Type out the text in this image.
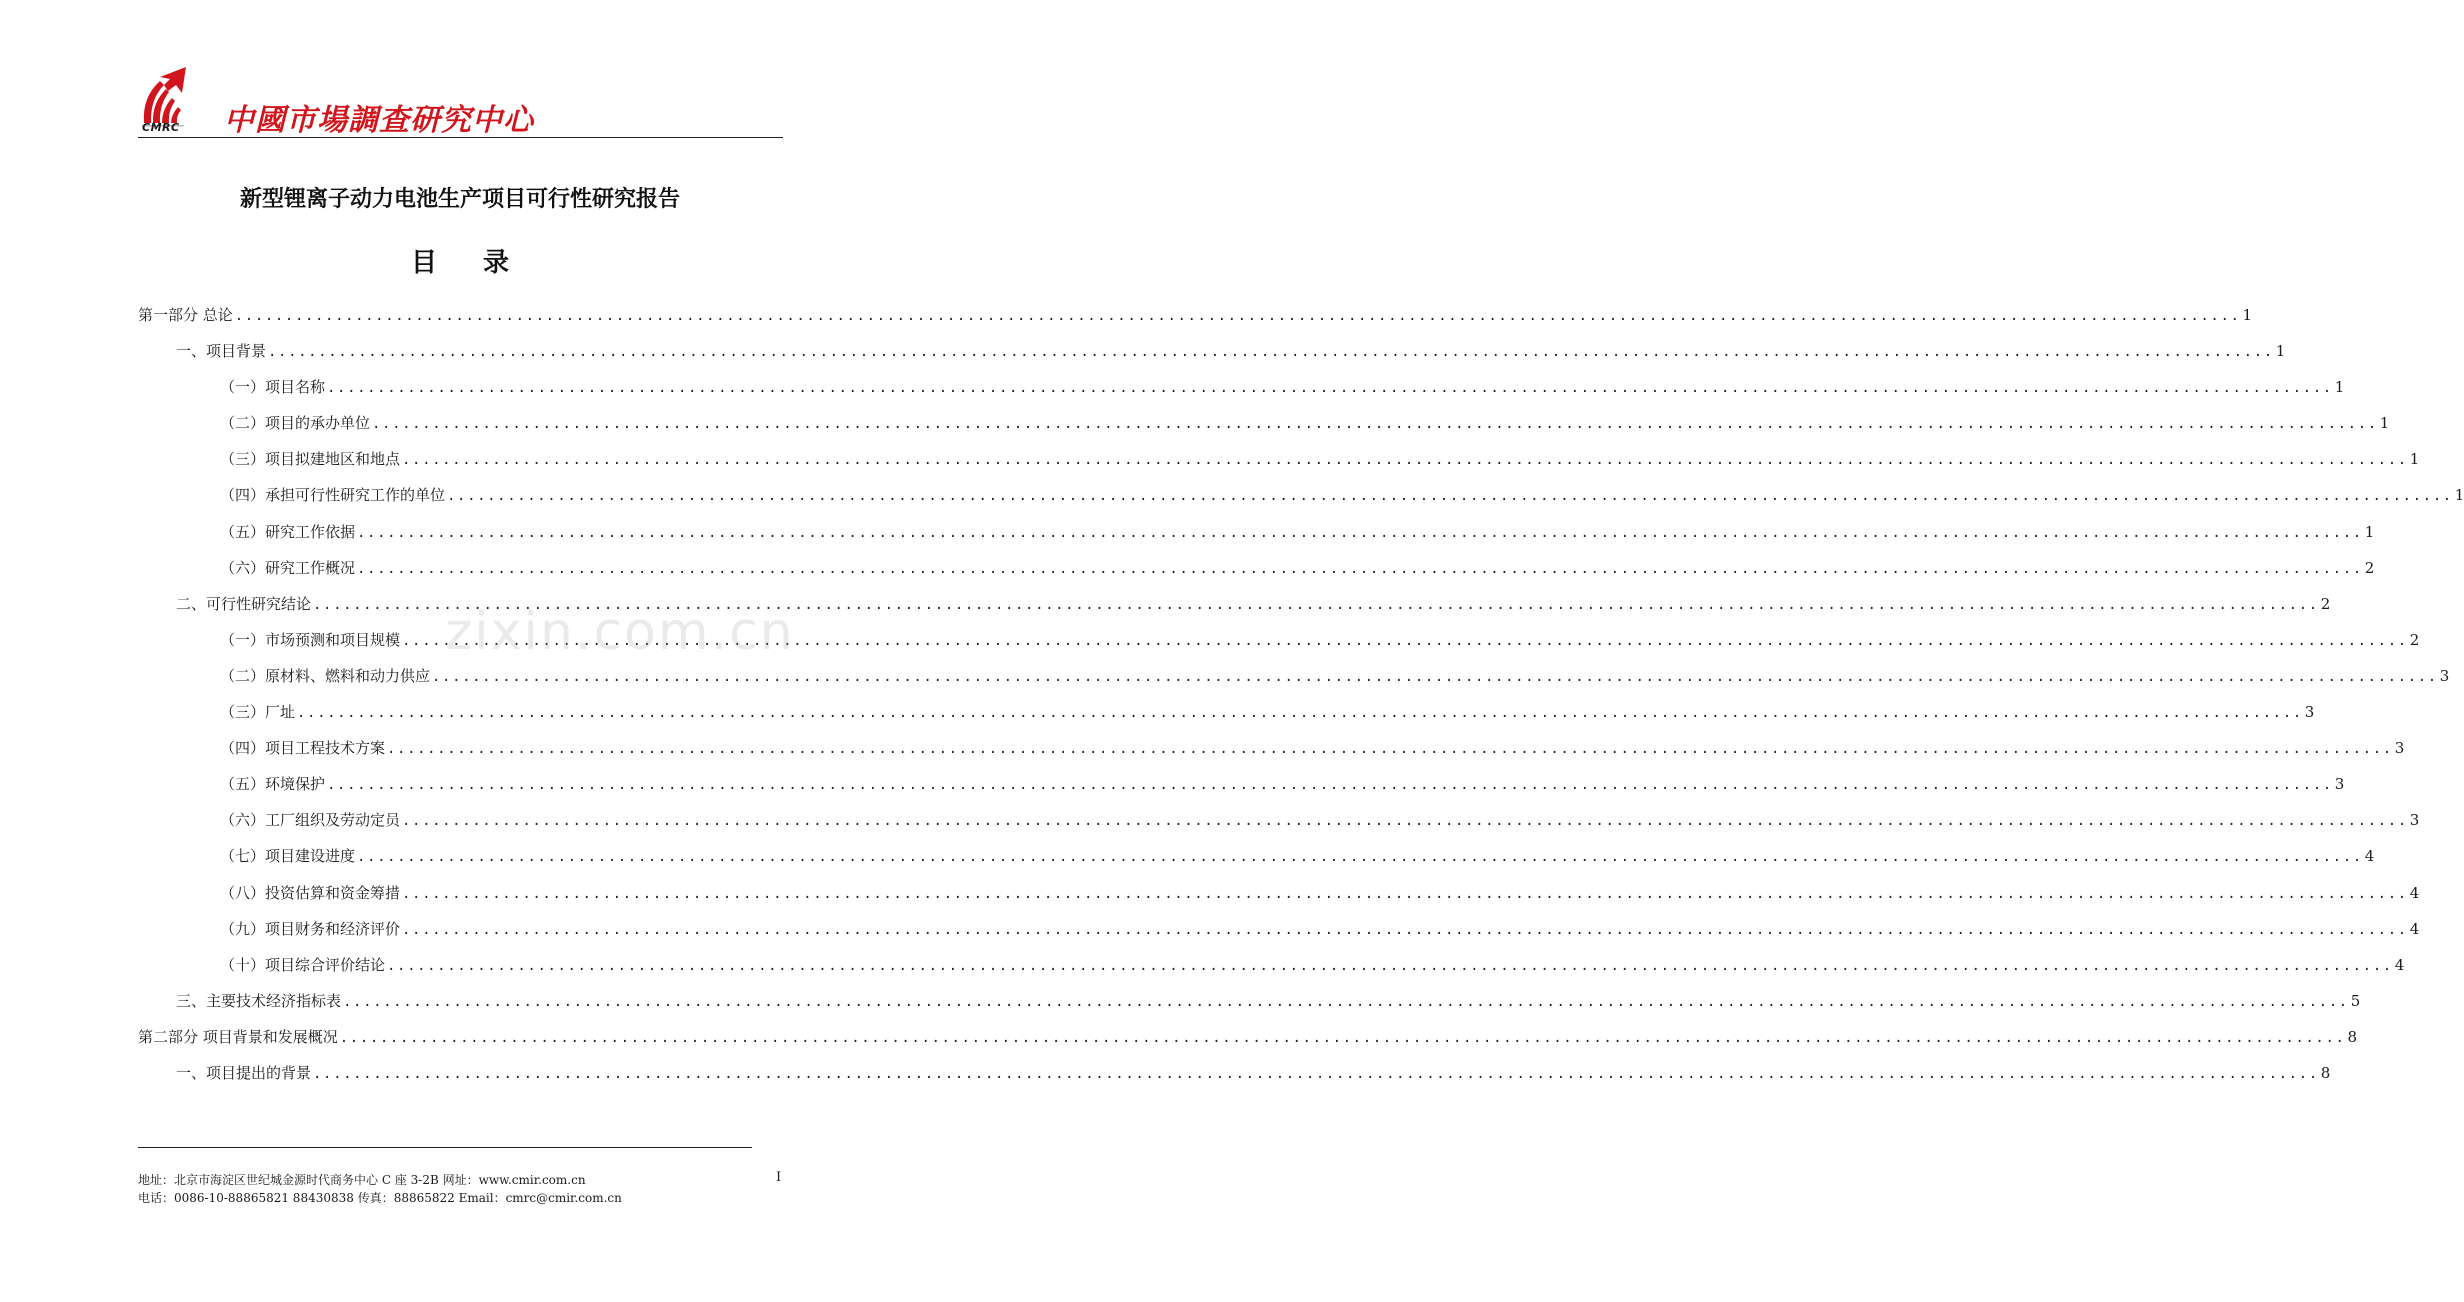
CMRC 中國市場調查研究中心
新型锂离子动力电池生产项目可行性研究报告
目录
第一部分 总论 ........................................................................................................................................................................................................ 1
一、项目背景 ........................................................................................................................................................................................................ 1
（一）项目名称 ........................................................................................................................................................................................................ 1
（二）项目的承办单位 ........................................................................................................................................................................................................ 1
（三）项目拟建地区和地点 ........................................................................................................................................................................................................ 1
（四）承担可行性研究工作的单位 ........................................................................................................................................................................................................ 1
（五）研究工作依据 ........................................................................................................................................................................................................ 1
（六）研究工作概况 ........................................................................................................................................................................................................ 2
二、可行性研究结论 ........................................................................................................................................................................................................ 2
（一）市场预测和项目规模 ........................................................................................................................................................................................................ 2
（二）原材料、燃料和动力供应 ........................................................................................................................................................................................................ 3
（三）厂址 ........................................................................................................................................................................................................ 3
（四）项目工程技术方案 ........................................................................................................................................................................................................ 3
（五）环境保护 ........................................................................................................................................................................................................ 3
（六）工厂组织及劳动定员 ........................................................................................................................................................................................................ 3
（七）项目建设进度 ........................................................................................................................................................................................................ 4
（八）投资估算和资金筹措 ........................................................................................................................................................................................................ 4
（九）项目财务和经济评价 ........................................................................................................................................................................................................ 4
（十）项目综合评价结论 ........................................................................................................................................................................................................ 4
三、主要技术经济指标表 ........................................................................................................................................................................................................ 5
第二部分 项目背景和发展概况 ........................................................................................................................................................................................................ 8
一、项目提出的背景 ........................................................................................................................................................................................................ 8
zixin.com.cn
地址：北京市海淀区世纪城金源时代商务中心 C 座 3-2B 网址：www.cmir.com.cn
电话：0086-10-88865821 88430838 传真：88865822 Email：cmrc@cmir.com.cn
I
